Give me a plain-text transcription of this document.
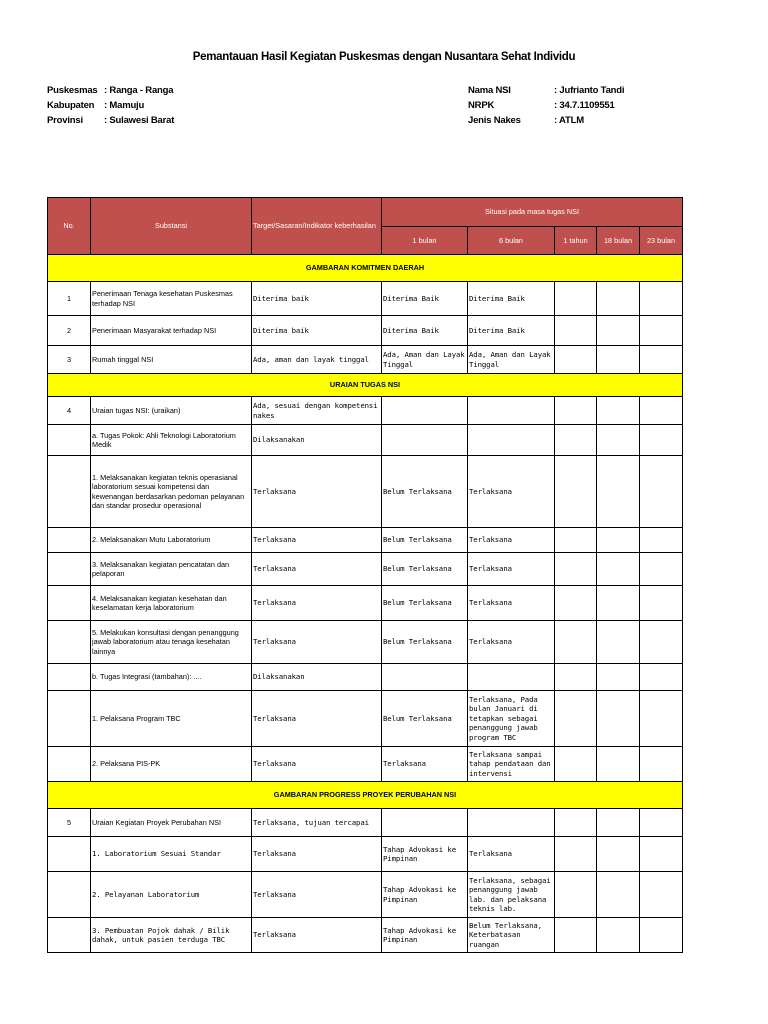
Pemantauan Hasil Kegiatan Puskesmas dengan Nusantara Sehat Individu
Puskesmas : Ranga - Ranga
Kabupaten : Mamuju
Provinsi : Sulawesi Barat
Nama NSI	: Jufrianto Tandi
NRPK	: 34.7.1109551
Jenis Nakes	: ATLM
No.	Substansi	Target/Sasaran/Indikator keberhasilan	Situasi pada masa tugas NSI				
			1 bulan	6 bulan	1 tahun	18 bulan	23 bulan
GAMBARAN KOMITMEN DAERAH							
1	Penerimaan Tenaga kesehatan Puskesmas terhadap NSI	Diterima baik	Diterima Baik	Diterima Baik			
2	Penerimaan Masyarakat terhadap NSI	Diterima baik	Diterima Baik	Diterima Baik			
3	Rumah tinggal NSI	Ada, aman dan layak tinggal	Ada, Aman dan Layak Tinggal	Ada, Aman dan Layak Tinggal			
URAIAN TUGAS NSI							
4	Uraian tugas NSI: (uraikan)	Ada, sesuai dengan kompetensi nakes					
	a. Tugas Pokok: Ahli Teknologi Laboratorium Medik	Dilaksanakan					
	1. Melaksanakan kegiatan teknis operasianal laboratorium sesuai kompetensi dan kewenangan berdasarkan pedoman pelayanan dan standar prosedur operasional	Terlaksana	Belum Terlaksana	Terlaksana			
	2. Melaksanakan Mutu Laboratorium	Terlaksana	Belum Terlaksana	Terlaksana			
	3. Melaksanakan kegiatan pencatatan dan pelaporan	Terlaksana	Belum Terlaksana	Terlaksana			
	4. Melaksanakan kegiatan kesehatan dan keselamatan kerja laboratorium	Terlaksana	Belum Terlaksana	Terlaksana			
	5. Melakukan konsultasi dengan penanggung jawab laboratorium atau tenaga kesehatan lainnya	Terlaksana	Belum Terlaksana	Terlaksana			
	b. Tugas Integrasi (tambahan): ....	Dilaksanakan					
	1. Pelaksana Program TBC	Terlaksana	Belum Terlaksana	Terlaksana, Pada bulan Januari di tetapkan sebagai penanggung jawab program TBC			
	2. Pelaksana PIS-PK	Terlaksana	Terlaksana	Terlaksana sampai tahap pendataan dan intervensi			
GAMBARAN PROGRESS PROYEK PERUBAHAN NSI							
5	Uraian Kegiatan Proyek Perubahan NSI	Terlaksana, tujuan tercapai					
	1. Laboratorium Sesuai Standar	Terlaksana	Tahap Advokasi ke Pimpinan	Terlaksana			
	2. Pelayanan Laboratorium	Terlaksana	Tahap Advokasi ke Pimpinan	Terlaksana, sebagai penanggung jawab lab. dan pelaksana teknis lab.			
	3. Pembuatan Pojok dahak / Bilik dahak, untuk pasien terduga TBC	Terlaksana	Tahap Advokasi ke Pimpinan	Belum Terlaksana, Keterbatasan ruangan			
